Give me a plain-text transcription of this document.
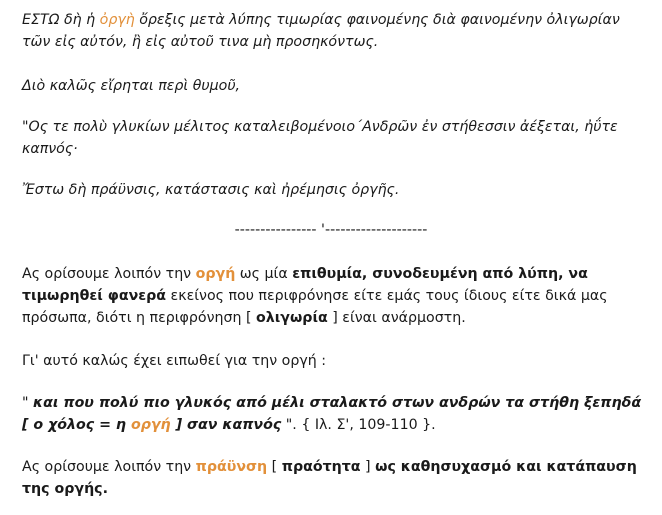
ΕΣΤΩ δὴ ἡ ὀργὴ ὄρεξις μετὰ λύπης τιμωρίας φαινομένης διὰ φαινομένην ὀλιγωρίαν τῶν εἰς αὐτόν, ἢ εἰς αὐτοῦ τινα μὴ προσηκόντως.

Διὸ καλῶς εἴρηται περὶ θυμοῦ,

"Ος τε πολὺ γλυκίων μέλιτος καταλειβομένοιο΄Ανδρῶν ἐν στήθεσσιν ἀέξεται, ἠΰτε καπνός·

Ἔστω δὴ πράϋνσις, κατάστασις καὶ ἠρέμησις ὀργῆς.

---------------- '--------------------

Ας ορίσουμε λοιπόν την οργή ως μία επιθυμία, συνοδευμένη από λύπη, να τιμωρηθεί φανερά εκείνος που περιφρόνησε είτε εμάς τους ίδιους είτε δικά μας πρόσωπα, διότι η περιφρόνηση [ ολιγωρία ] είναι ανάρμοστη.

Γι' αυτό καλώς έχει ειπωθεί για την οργή :

" και που πολύ πιο γλυκός από μέλι σταλακτό στων ανδρών τα στήθη ξεπηδά [ ο χόλος = η οργή ] σαν καπνός ". { Ιλ. Σ', 109-110 }.

Ας ορίσουμε λοιπόν την πράϋνση [ πραότητα ] ως καθησυχασμό και κατάπαυση της οργής.
